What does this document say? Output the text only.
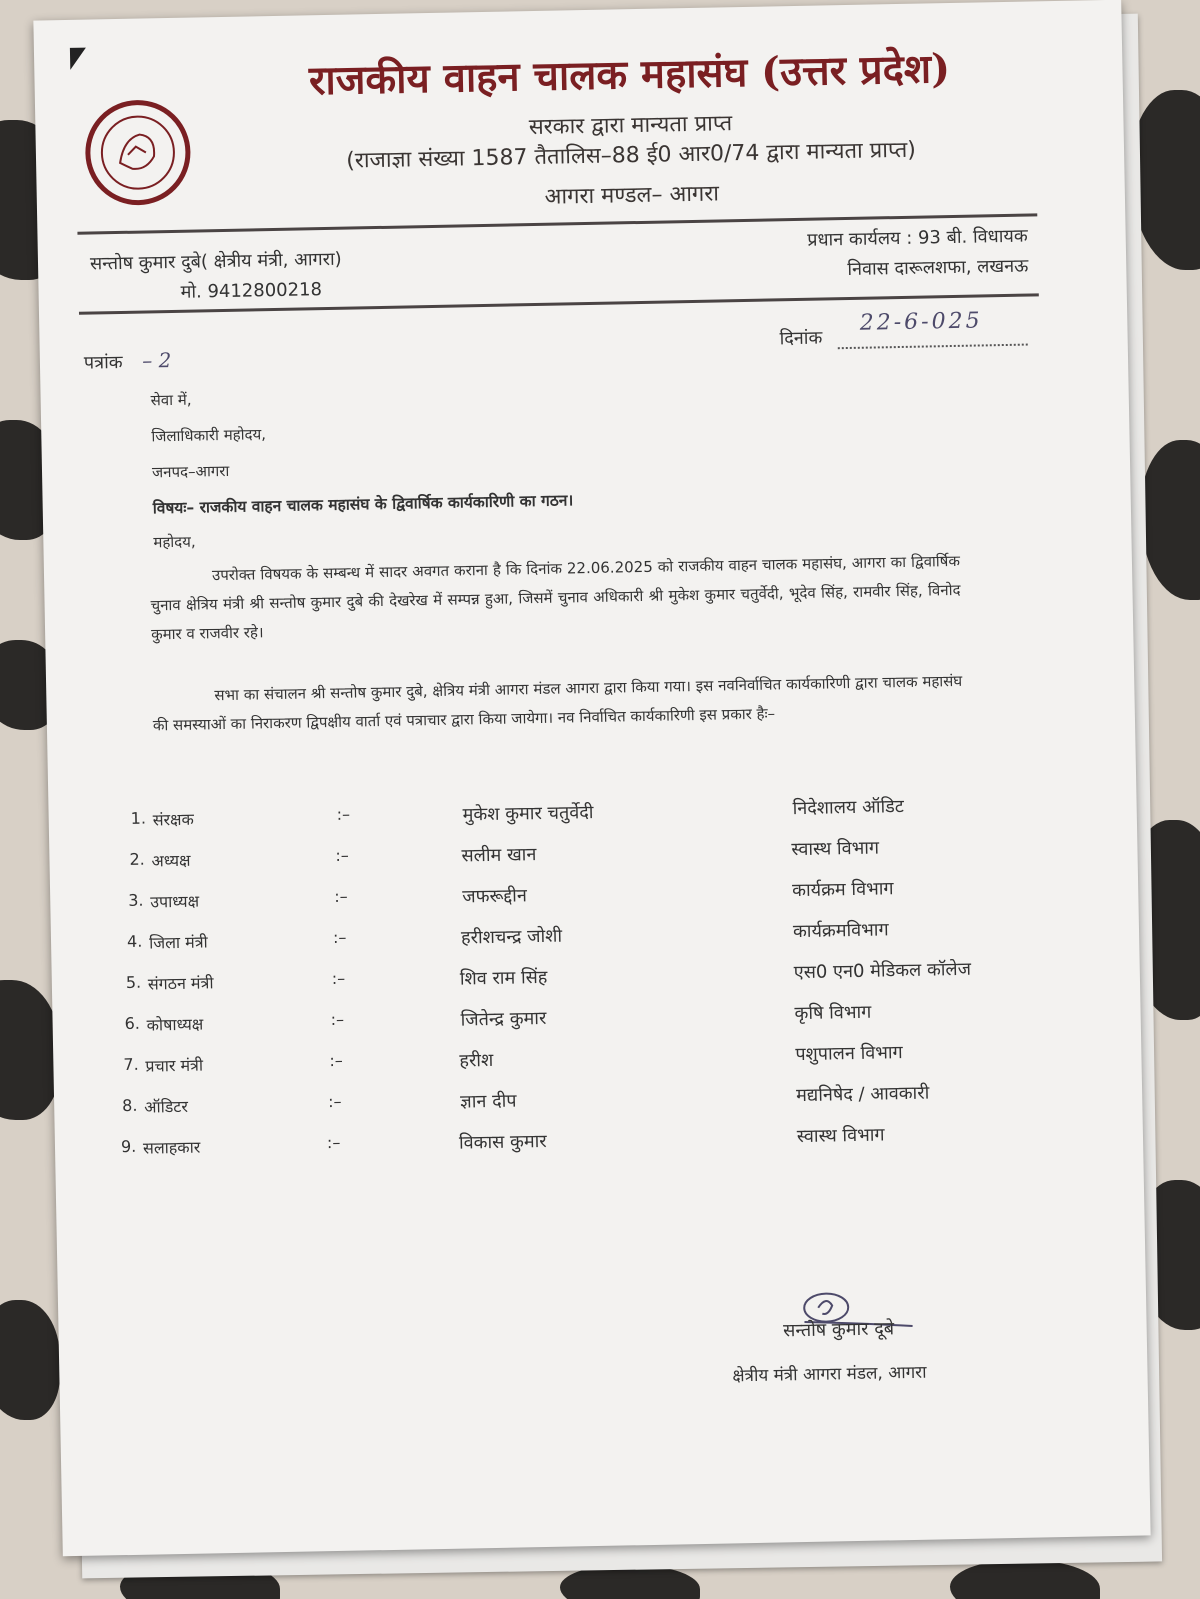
राजकीय वाहन चालक महासंघ (उत्तर प्रदेश)
सरकार द्वारा मान्यता प्राप्त
(राजाज्ञा संख्या 1587 तैतालिस–88 ई0 आर0/74 द्वारा मान्यता प्राप्त)
आगरा मण्डल– आगरा
सन्तोष कुमार दुबे( क्षेत्रीय मंत्री, आगरा)
मो. 9412800218
प्रधान कार्यलय : 93 बी. विधायक
निवास दारूलशफा, लखनऊ
पत्रांक – 2
दिनांक
22-6-025
सेवा में,
जिलाधिकारी महोदय,
जनपद–आगरा
विषयः– राजकीय वाहन चालक महासंघ के द्विवार्षिक कार्यकारिणी का गठन।
महोदय,
उपरोक्त विषयक के सम्बन्ध में सादर अवगत कराना है कि दिनांक 22.06.2025 को राजकीय वाहन चालक महासंघ, आगरा का द्विवार्षिक चुनाव क्षेत्रिय मंत्री श्री सन्तोष कुमार दुबे की देखरेख में सम्पन्न हुआ, जिसमें चुनाव अधिकारी श्री मुकेश कुमार चतुर्वेदी, भूदेव सिंह, रामवीर सिंह, विनोद कुमार व राजवीर रहे।
सभा का संचालन श्री सन्तोष कुमार दुबे, क्षेत्रिय मंत्री आगरा मंडल आगरा द्वारा किया गया। इस नवनिर्वाचित कार्यकारिणी द्वारा चालक महासंघ की समस्याओं का निराकरण द्विपक्षीय वार्ता एवं पत्राचार द्वारा किया जायेगा। नव निर्वाचित कार्यकारिणी इस प्रकार हैः–
1. संरक्षक	:–	मुकेश कुमार चतुर्वेदी	निदेशालय ऑडिट
2. अध्यक्ष	:–	सलीम खान	स्वास्थ विभाग
3. उपाध्यक्ष	:–	जफरूद्दीन	कार्यक्रम विभाग
4. जिला मंत्री	:–	हरीशचन्द्र जोशी	कार्यक्रमविभाग
5. संगठन मंत्री	:–	शिव राम सिंह	एस0 एन0 मेडिकल कॉलेज
6. कोषाध्यक्ष	:–	जितेन्द्र कुमार	कृषि विभाग
7. प्रचार मंत्री	:–	हरीश	पशुपालन विभाग
8. ऑडिटर	:–	ज्ञान दीप	मद्यनिषेद / आवकारी
9. सलाहकार	:–	विकास कुमार	स्वास्थ विभाग
सन्तोष कुमार दूबे
क्षेत्रीय मंत्री आगरा मंडल, आगरा
